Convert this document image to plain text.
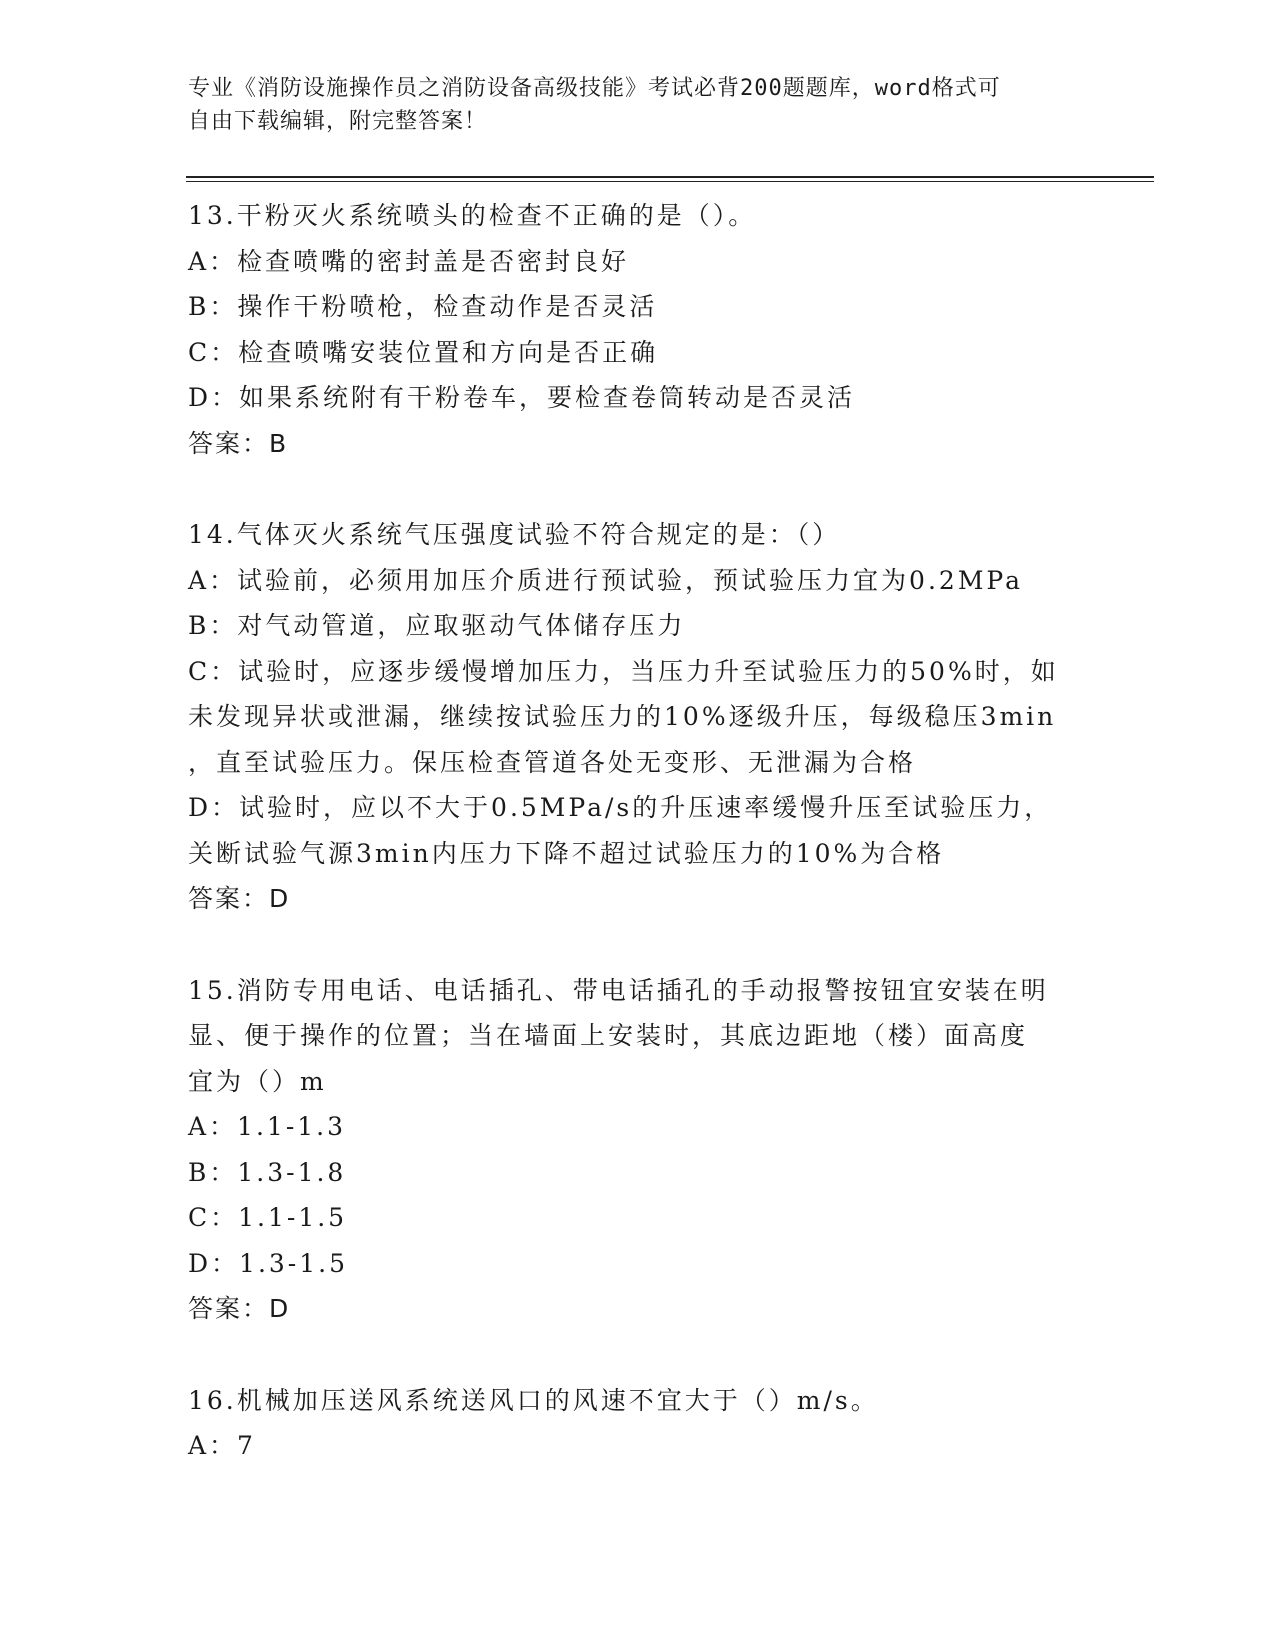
专业《消防设施操作员之消防设备高级技能》考试必背200题题库，word格式可
自由下载编辑，附完整答案！
13.干粉灭火系统喷头的检查不正确的是（）。
A：检查喷嘴的密封盖是否密封良好
B：操作干粉喷枪，检查动作是否灵活
C：检查喷嘴安装位置和方向是否正确
D：如果系统附有干粉卷车，要检查卷筒转动是否灵活
答案：B
14.气体灭火系统气压强度试验不符合规定的是：（）
A：试验前，必须用加压介质进行预试验，预试验压力宜为0.2MPa
B：对气动管道，应取驱动气体储存压力
C：试验时，应逐步缓慢增加压力，当压力升至试验压力的50%时，如
未发现异状或泄漏，继续按试验压力的10%逐级升压，每级稳压3min
，直至试验压力。保压检查管道各处无变形、无泄漏为合格
D：试验时，应以不大于0.5MPa/s的升压速率缓慢升压至试验压力，
关断试验气源3min内压力下降不超过试验压力的10%为合格
答案：D
15.消防专用电话、电话插孔、带电话插孔的手动报警按钮宜安装在明
显、便于操作的位置；当在墙面上安装时，其底边距地（楼）面高度
宜为（）m
A：1.1-1.3
B：1.3-1.8
C：1.1-1.5
D：1.3-1.5
答案：D
16.机械加压送风系统送风口的风速不宜大于（）m/s。
A：7
